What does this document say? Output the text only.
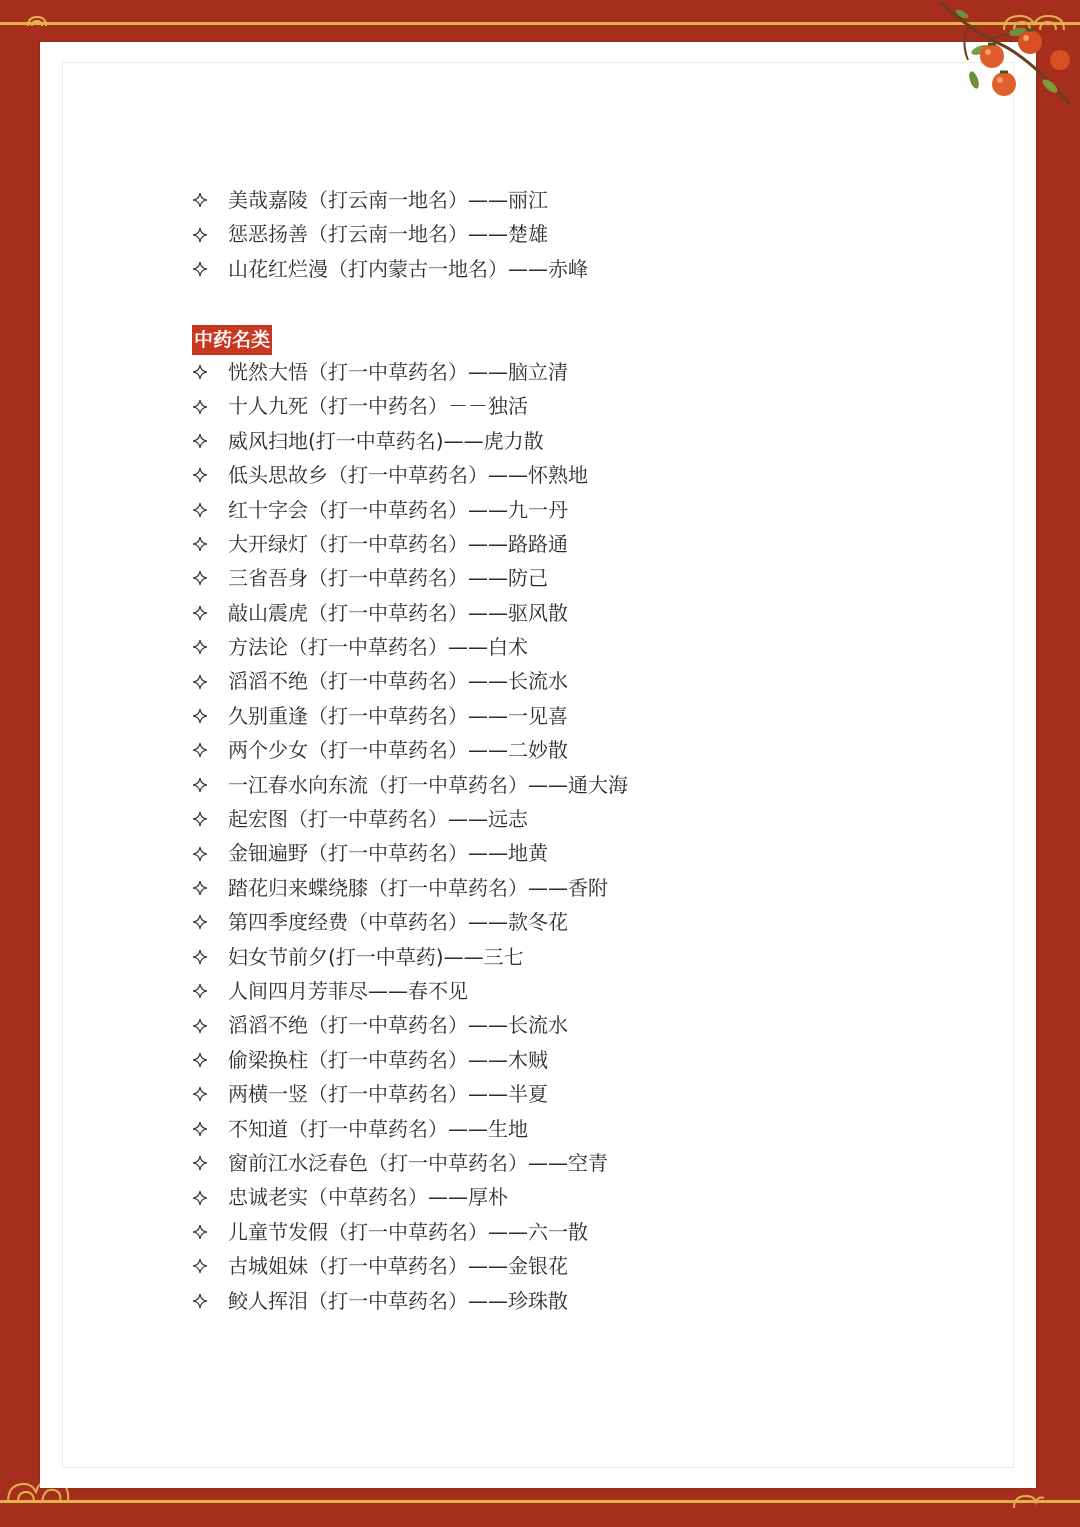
美哉嘉陵（打云南一地名）——丽江
惩恶扬善（打云南一地名）——楚雄
山花红烂漫（打内蒙古一地名）——赤峰
中药名类
恍然大悟（打一中草药名）——脑立清
十人九死（打一中药名）－－独活
威风扫地(打一中草药名)——虎力散
低头思故乡（打一中草药名）——怀熟地
红十字会（打一中草药名）——九一丹
大开绿灯（打一中草药名）——路路通
三省吾身（打一中草药名）——防己
敲山震虎（打一中草药名）——驱风散
方法论（打一中草药名）——白术
滔滔不绝（打一中草药名）——长流水
久别重逢（打一中草药名）——一见喜
两个少女（打一中草药名）——二妙散
一江春水向东流（打一中草药名）——通大海
起宏图（打一中草药名）——远志
金钿遍野（打一中草药名）——地黄
踏花归来蝶绕膝（打一中草药名）——香附
第四季度经费（中草药名）——款冬花
妇女节前夕(打一中草药)——三七
人间四月芳菲尽——春不见
滔滔不绝（打一中草药名）——长流水
偷梁换柱（打一中草药名）——木贼
两横一竖（打一中草药名）——半夏
不知道（打一中草药名）——生地
窗前江水泛春色（打一中草药名）——空青
忠诚老实（中草药名）——厚朴
儿童节发假（打一中草药名）——六一散
古城姐妹（打一中草药名）——金银花
鲛人挥泪（打一中草药名）——珍珠散
